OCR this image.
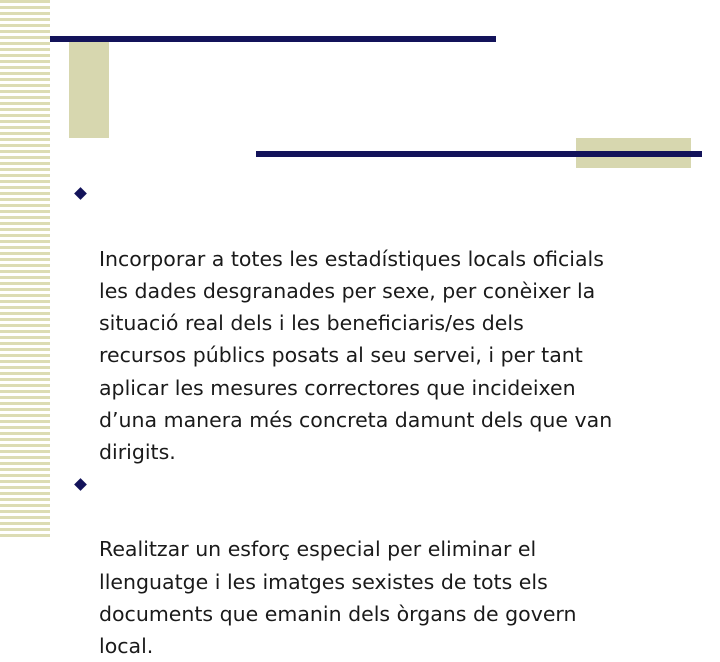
Incorporar a totes les estadístiques locals oficials
les dades desgranades per sexe, per conèixer la
situació real dels i les beneficiaris/es dels
recursos públics posats al seu servei, i per tant
aplicar les mesures correctores que incideixen
d’una manera més concreta damunt dels que van
dirigits.

Realitzar un esforç especial per eliminar el
llenguatge i les imatges sexistes de tots els
documents que emanin dels òrgans de govern
local.
